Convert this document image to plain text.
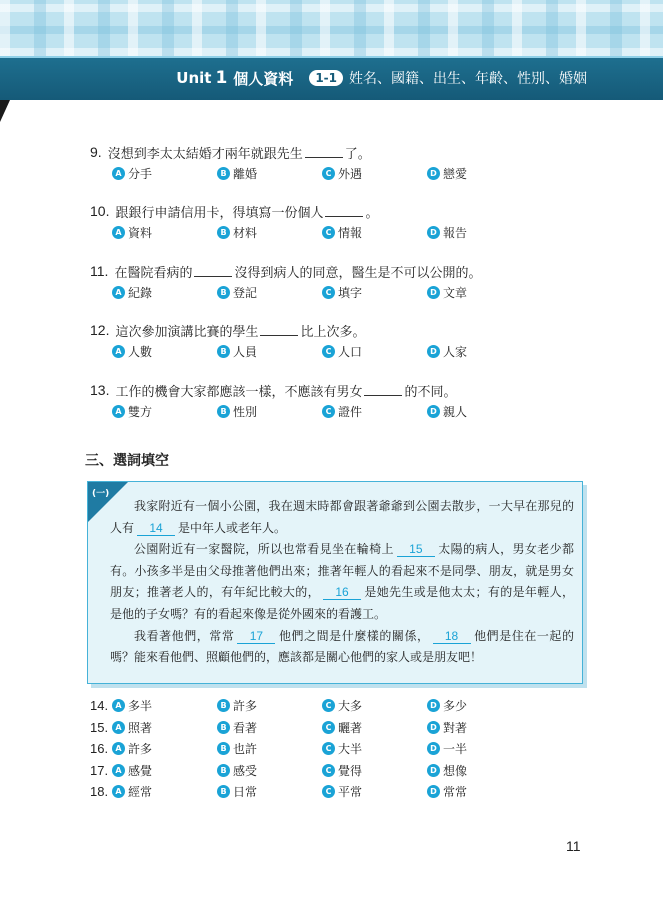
Unit 1 個人資料	1-1 姓名、國籍、出生、年齡、性別、婚姻
9. 沒想到李太太結婚才兩年就跟先生	了。
A 分手	B 離婚	C 外遇	D 戀愛
10. 跟銀行申請信用卡，得填寫一份個人	。
A 資料	B 材料	C 情報	D 報告
11. 在醫院看病的	沒得到病人的同意，醫生是不可以公開的。
A 紀錄	B 登記	C 填字	D 文章
12. 這次參加演講比賽的學生	比上次多。
A 人數	B 人員	C 人口	D 人家
13. 工作的機會大家都應該一樣，不應該有男女	的不同。
A 雙方	B 性別	C 證件	D 親人
三、選詞填空
(一)

我家附近有一個小公園，我在週末時都會跟著爺爺到公園去散步，一大早在那兒的人有 14 是中年人或老年人。

公園附近有一家醫院，所以也常看見坐在輪椅上 15 太陽的病人，男女老少都有。小孩多半是由父母推著他們出來；推著年輕人的看起來不是同學、朋友，就是男女朋友；推著老人的，有年紀比較大的， 16 是她先生或是他太太；有的是年輕人，是他的子女嗎？有的看起來像是從外國來的看護工。

我看著他們，常常 17 他們之間是什麼樣的關係， 18 他們是住在一起的嗎？能來看他們、照顧他們的，應該都是關心他們的家人或是朋友吧！

14. A 多半	B 許多	C 大多	D 多少
15. A 照著	B 看著	C 曬著	D 對著
16. A 許多	B 也許	C 大半	D 一半
17. A 感覺	B 感受	C 覺得	D 想像
18. A 經常	B 日常	C 平常	D 常常
11
